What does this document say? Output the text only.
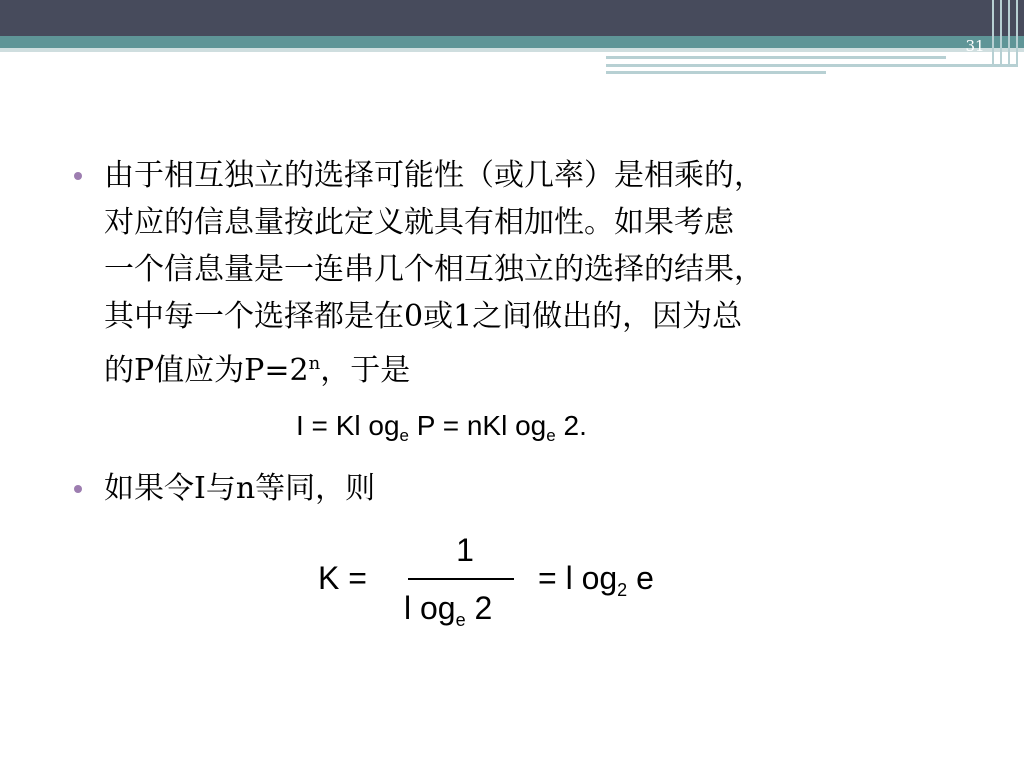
31
由于相互独立的选择可能性（或几率）是相乘的，
对应的信息量按此定义就具有相加性。如果考虑
一个信息量是一连串几个相互独立的选择的结果，
其中每一个选择都是在0或1之间做出的，因为总
的P值应为$P=2^n$，于是
I = Kl $og_e$ P = nKl $og_e$ 2.
如果令I与n等同，则
K =
1
l $og_e$ 2
= l $og_2$ e
